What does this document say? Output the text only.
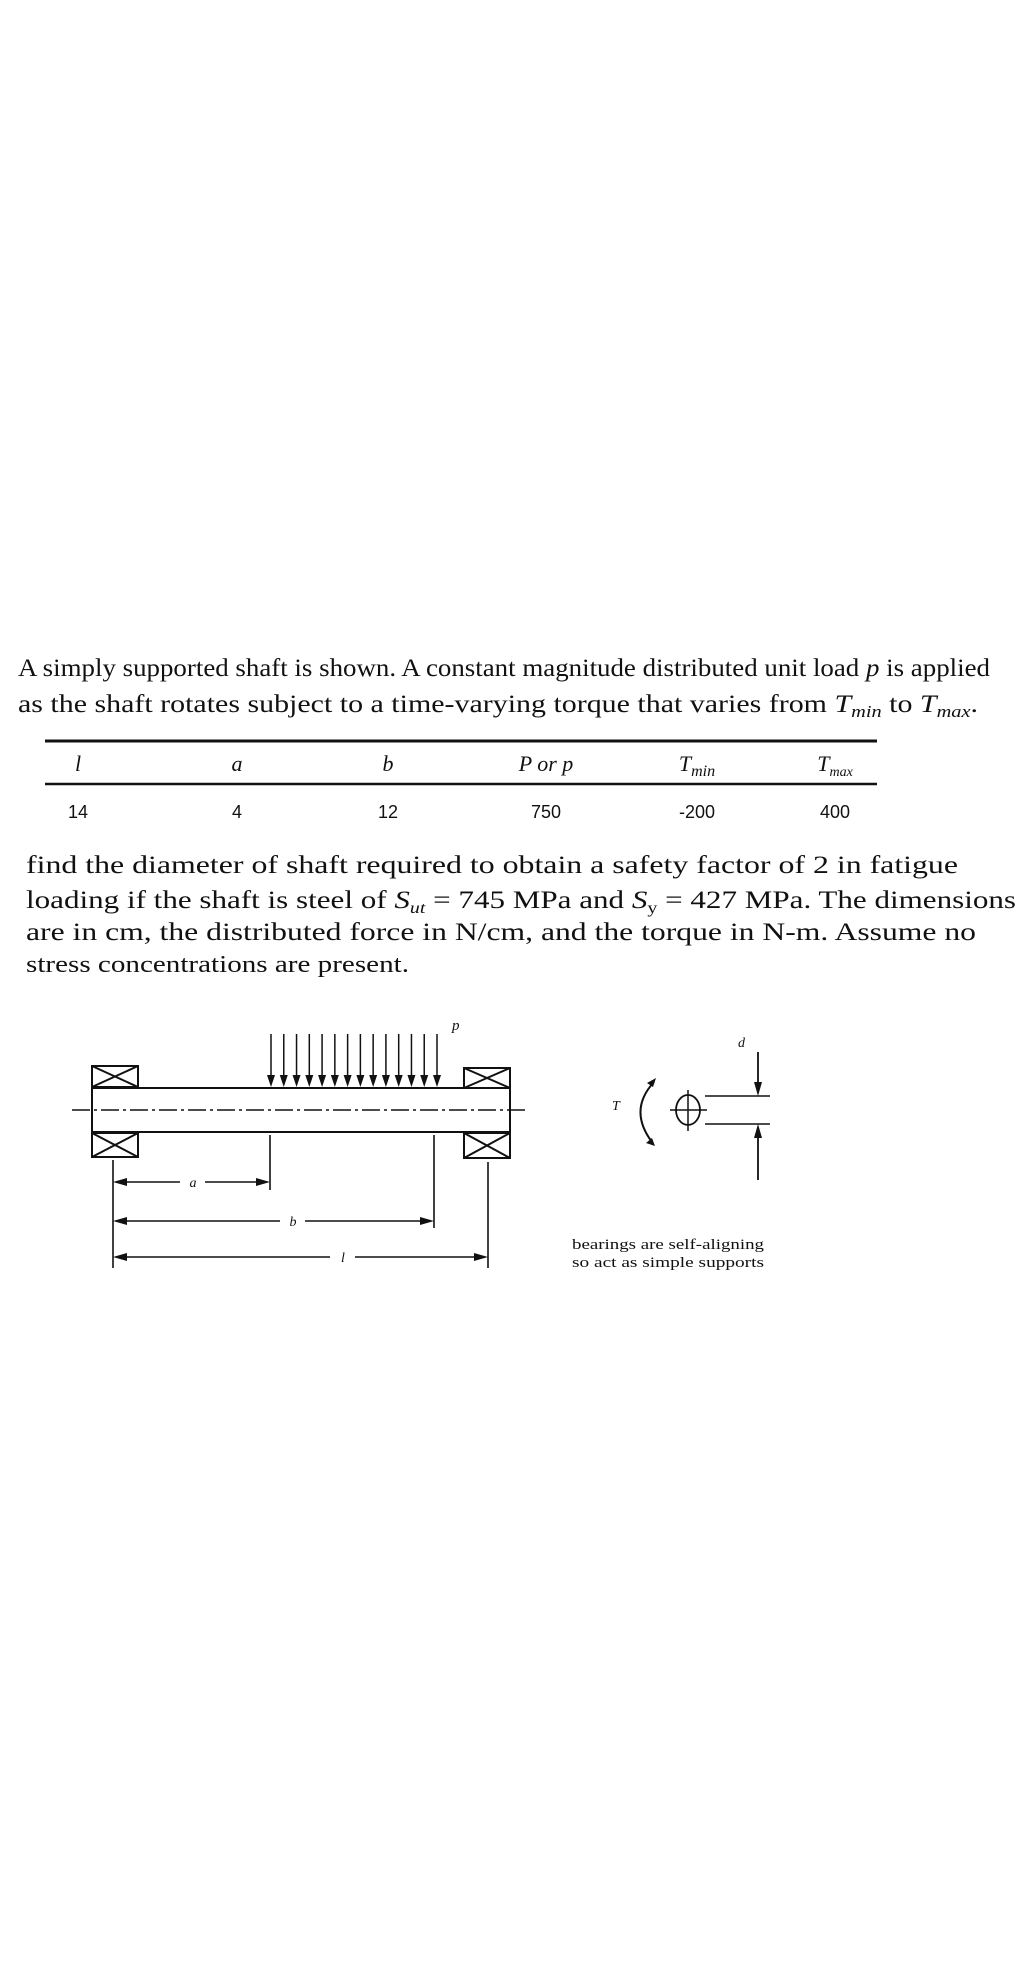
A simply supported shaft is shown. A constant magnitude distributed unit load p is applied
as the shaft rotates subject to a time-varying torque that varies from	T $_{min}$ to T $_{max}$ .
l	a	b	P or p	$T_{min}$	$T_{max}$
14	4	12	750	-200	400
find the diameter of shaft required to obtain a safety factor of 2 in fatigue
loading if the shaft is steel of	S $_{ut}$ = 745 MPa and S $_y$ = 427 MPa. The dimensions
are in cm, the distributed force in N/cm, and the torque in N-m. Assume no
stress concentrations are present.
p
a
b
l
T
d
bearings are self-aligning
so act as simple supports
